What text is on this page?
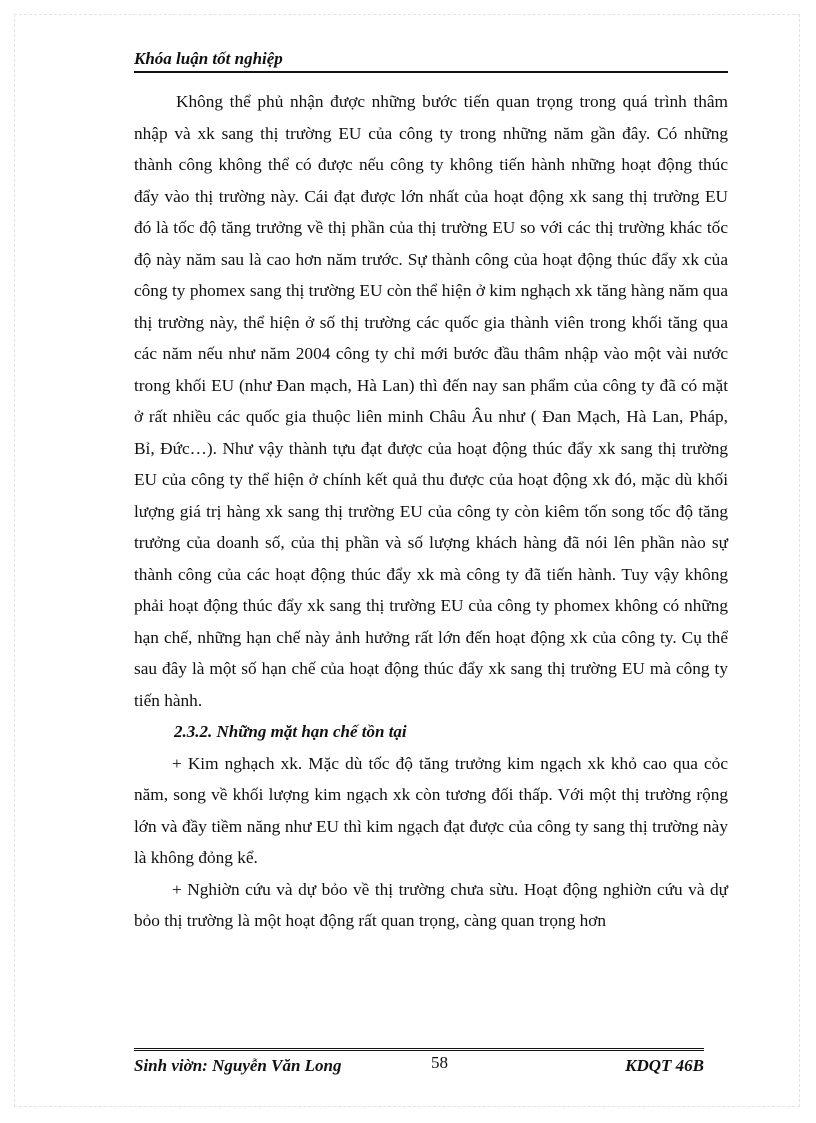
Khóa luận tốt nghiệp

Không thể phủ nhận được những bước tiến quan trọng trong quá trình thâm nhập và xk sang thị trường EU của công ty trong những năm gần đây. Có những thành công không thể có được nếu công ty không tiến hành những hoạt động thúc đẩy vào thị trường này. Cái đạt được lớn nhất của hoạt động xk sang thị trường EU đó là tốc độ tăng trưởng về thị phần của thị trường EU so với các thị trường khác tốc độ này năm sau là cao hơn năm trước. Sự thành công của hoạt động thúc đẩy xk của công ty phomex sang thị trường EU còn thể hiện ở kim nghạch xk tăng hàng năm qua thị trường này, thể hiện ở số thị trường các quốc gia thành viên trong khối tăng qua các năm nếu như năm 2004 công ty chỉ mới bước đầu thâm nhập vào một vài nước trong khối EU (như Đan mạch, Hà Lan) thì đến nay san phẩm của công ty đã có mặt ở rất nhiều các quốc gia thuộc liên minh Châu Âu như ( Đan Mạch, Hà Lan, Pháp, Bỉ, Đức…). Như vậy thành tựu đạt được của hoạt động thúc đẩy xk sang thị trường EU của công ty thể hiện ở chính kết quả thu được của hoạt động xk đó, mặc dù khối lượng giá trị hàng xk sang thị trường EU của công ty còn kiêm tốn song tốc độ tăng trưởng của doanh số, của thị phần và số lượng khách hàng đã nói lên phần nào sự thành công của các hoạt động thúc đẩy xk mà công ty đã tiến hành. Tuy vậy không phải hoạt động thúc đẩy xk sang thị trường EU của công ty phomex không có những hạn chế, những hạn chế này ảnh hưởng rất lớn đến hoạt động xk của công ty. Cụ thể sau đây là một số hạn chế của hoạt động thúc đẩy xk sang thị trường EU mà công ty tiến hành.

2.3.2. Những mặt hạn chế tồn tại

+ Kim nghạch xk. Mặc dù tốc độ tăng trưởng kim ngạch xk khỏ cao qua cỏc năm, song về khối lượng kim ngạch xk còn tương đối thấp. Với một thị trường rộng lớn và đầy tiềm năng như EU thì kim ngạch đạt được của công ty sang thị trường này là không đỏng kể.

+ Nghiờn cứu và dự bỏo về thị trường chưa sừu. Hoạt động nghiờn cứu và dự bỏo thị trường là một hoạt động rất quan trọng, càng quan trọng hơn

Sinh viờn: Nguyễn Văn Long	58	KDQT 46B
